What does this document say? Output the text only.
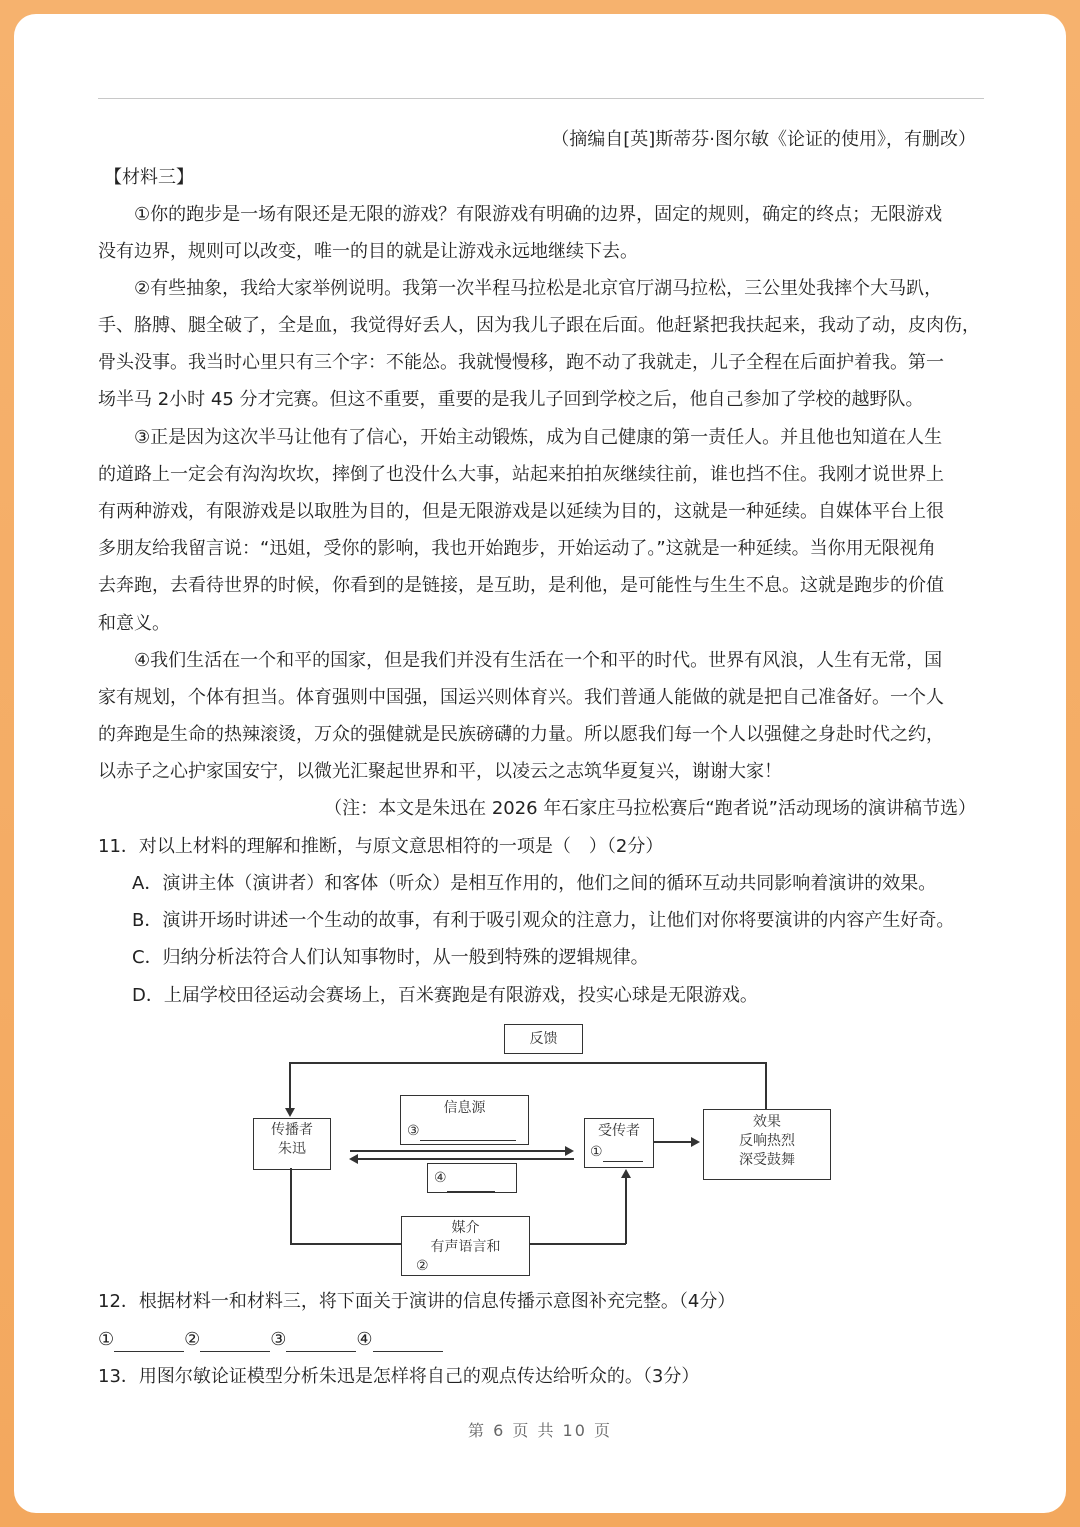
（摘编自[英]斯蒂芬·图尔敏《论证的使用》，有删改）
【材料三】
①你的跑步是一场有限还是无限的游戏？有限游戏有明确的边界，固定的规则，确定的终点；无限游戏
没有边界，规则可以改变，唯一的目的就是让游戏永远地继续下去。
②有些抽象，我给大家举例说明。我第一次半程马拉松是北京官厅湖马拉松，三公里处我摔个大马趴，
手、胳膊、腿全破了，全是血，我觉得好丢人，因为我儿子跟在后面。他赶紧把我扶起来，我动了动，皮肉伤，
骨头没事。我当时心里只有三个字：不能怂。我就慢慢移，跑不动了我就走，儿子全程在后面护着我。第一
场半马 2小时 45 分才完赛。但这不重要，重要的是我儿子回到学校之后，他自己参加了学校的越野队。
③正是因为这次半马让他有了信心，开始主动锻炼，成为自己健康的第一责任人。并且他也知道在人生
的道路上一定会有沟沟坎坎，摔倒了也没什么大事，站起来拍拍灰继续往前，谁也挡不住。我刚才说世界上
有两种游戏，有限游戏是以取胜为目的，但是无限游戏是以延续为目的，这就是一种延续。自媒体平台上很
多朋友给我留言说：“迅姐，受你的影响，我也开始跑步，开始运动了。”这就是一种延续。当你用无限视角
去奔跑，去看待世界的时候，你看到的是链接，是互助，是利他，是可能性与生生不息。这就是跑步的价值
和意义。
④我们生活在一个和平的国家，但是我们并没有生活在一个和平的时代。世界有风浪，人生有无常，国
家有规划，个体有担当。体育强则中国强，国运兴则体育兴。我们普通人能做的就是把自己准备好。一个人
的奔跑是生命的热辣滚烫，万众的强健就是民族磅礴的力量。所以愿我们每一个人以强健之身赴时代之约，
以赤子之心护家国安宁，以微光汇聚起世界和平，以凌云之志筑华夏复兴，谢谢大家！
（注：本文是朱迅在 2026 年石家庄马拉松赛后“跑者说”活动现场的演讲稿节选）
11．对以上材料的理解和推断，与原文意思相符的一项是（　）（2分）
A．演讲主体（演讲者）和客体（听众）是相互作用的，他们之间的循环互动共同影响着演讲的效果。
B．演讲开场时讲述一个生动的故事，有利于吸引观众的注意力，让他们对你将要演讲的内容产生好奇。
C．归纳分析法符合人们认知事物时，从一般到特殊的逻辑规律。
D．上届学校田径运动会赛场上，百米赛跑是有限游戏，投实心球是无限游戏。
反馈
传播者
朱迅
信息源
③
④
受传者
①
效果
反响热烈
深受鼓舞
媒介
有声语言和
②
12．根据材料一和材料三，将下面关于演讲的信息传播示意图补充完整。（4分）
①	②	③	④
13．用图尔敏论证模型分析朱迅是怎样将自己的观点传达给听众的。（3分）
第 6 页 共 10 页
